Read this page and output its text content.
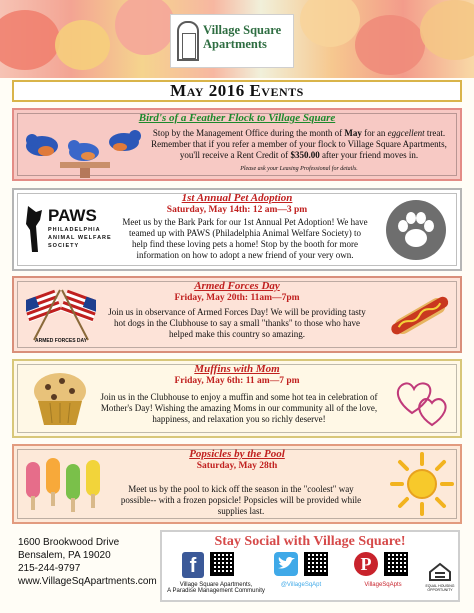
Village Square Apartments
May 2016 Events
Bird's of a Feather Flock to Village Square
Stop by the Management Office during the month of May for an eggcellent treat.
Remember that if you refer a member of your flock to Village Square Apartments,
you'll receive a Rent Credit of $350.00 after your friend moves in.
Please ask your Leasing Professional for details.
PAWS
PHILADELPHIA ANIMAL WELFARE SOCIETY
1st Annual Pet Adoption
Saturday, May 14th: 12 am—3 pm
Meet us by the Bark Park for our 1st Annual Pet Adoption! We have teamed up with PAWS (Philadelphia Animal Welfare Society) to help find these loving pets a home! Stop by the booth for more information on how to adopt a new friend of your very own.
ARMED FORCES DAY
Armed Forces Day
Friday, May 20th: 11am—7pm
Join us in observance of Armed Forces Day! We will be providing tasty hot dogs in the Clubhouse to say a small "thanks" to those who have helped make this country so amazing.
Muffins with Mom
Friday, May 6th: 11 am—7 pm
Join us in the Clubhouse to enjoy a muffin and some hot tea in celebration of Mother's Day! Wishing the amazing Moms in our community all of the love, happiness, and relaxation you so richly deserve!
Popsicles by the Pool
Saturday, May 28th
Meet us by the pool to kick off the season in the "coolest" way possible-- with a frozen popsicle! Popsicles will be provided while supplies last.
1600 Brookwood Drive
Bensalem, PA 19020
215-244-9797
www.VillageSqApartments.com
Stay Social with Village Square!
f
Village Square Apartments,
A Paradise Management Community
@VillageSqApt
P
VillageSqApts	EQUAL HOUSING OPPORTUNITY
